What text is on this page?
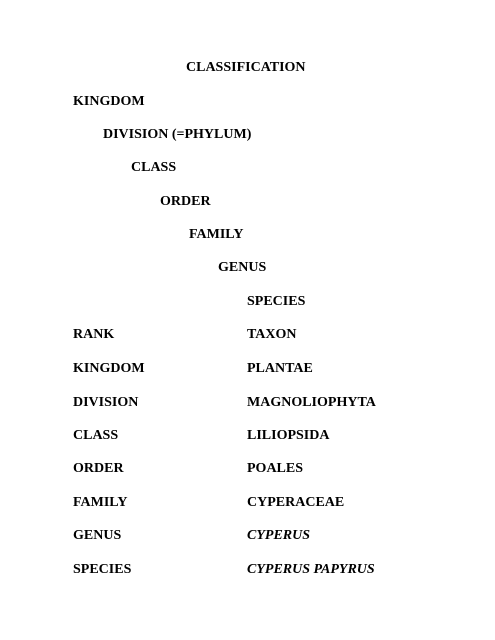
CLASSIFICATION
KINGDOM
DIVISION (=PHYLUM)
CLASS
ORDER
FAMILY
GENUS
SPECIES
RANK	TAXON
KINGDOM	PLANTAE
DIVISION	MAGNOLIOPHYTA
CLASS	LILIOPSIDA
ORDER	POALES
FAMILY	CYPERACEAE
GENUS	CYPERUS
SPECIES	CYPERUS PAPYRUS
